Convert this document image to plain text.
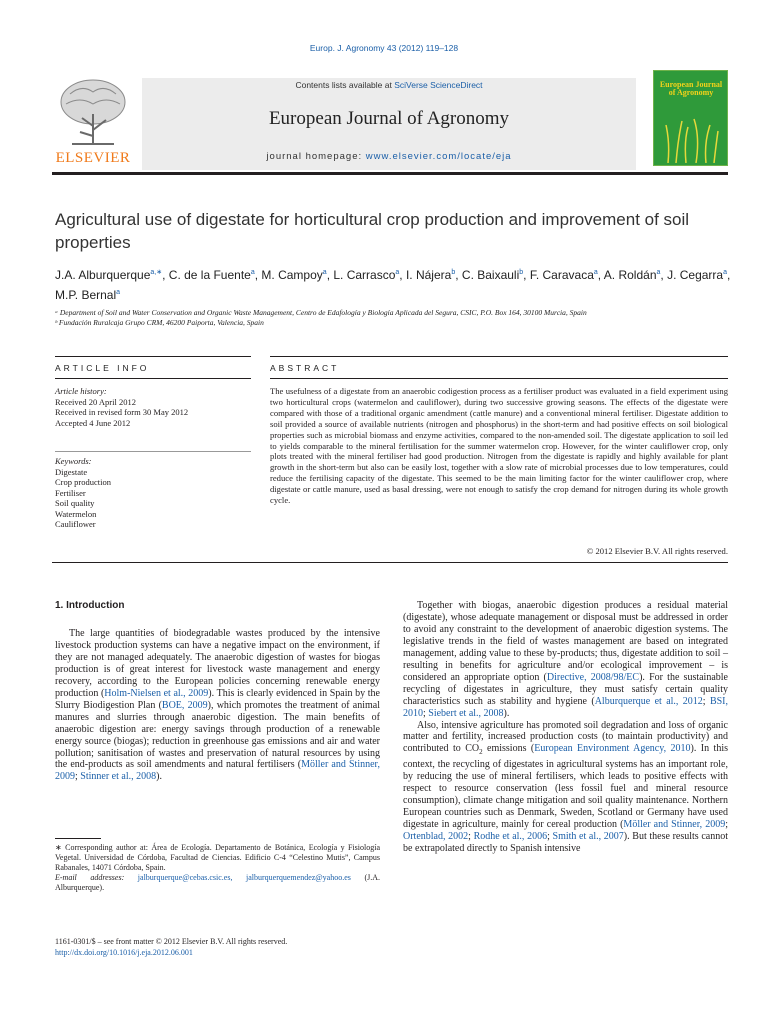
Europ. J. Agronomy 43 (2012) 119–128
ELSEVIER
Contents lists available at SciVerse ScienceDirect
European Journal of Agronomy
journal homepage: www.elsevier.com/locate/eja
European Journal of Agronomy
Agricultural use of digestate for horticultural crop production and improvement of soil properties
J.A. Alburquerque$^{a,∗}$, C. de la Fuente$^a$, M. Campoy$^a$, L. Carrasco$^a$, I. Nájera$^b$, C. Baixauli$^b$, F. Caravaca$^a$, A. Roldán$^a$, J. Cegarra$^a$, M.P. Bernal$^a$
ᵃ Department of Soil and Water Conservation and Organic Waste Management, Centro de Edafología y Biología Aplicada del Segura, CSIC, P.O. Box 164, 30100 Murcia, Spain
ᵇ Fundación Ruralcaja Grupo CRM, 46200 Paiporta, Valencia, Spain
ARTICLE INFO	ABSTRACT
Article history:
Received 20 April 2012
Received in revised form 30 May 2012
Accepted 4 June 2012
Keywords:
Digestate
Crop production
Fertiliser
Soil quality
Watermelon
Cauliflower
The usefulness of a digestate from an anaerobic codigestion process as a fertiliser product was evaluated in a field experiment using two horticultural crops (watermelon and cauliflower), during two successive growing seasons. The effects of the digestate were compared with those of a traditional organic amendment (cattle manure) and a conventional mineral fertiliser. Digestate addition to soil provided a source of available nutrients (nitrogen and phosphorus) in the short-term and had positive effects on soil biological properties such as microbial biomass and enzyme activities, compared to the non-amended soil. The digestate application to soil led to yields comparable to the mineral fertilisation for the summer watermelon crop. However, for the winter cauliflower crop, only plots treated with the mineral fertiliser had good production. Nitrogen from the digestate is rapidly and highly available for plant growth in the short-term but also can be easily lost, together with a slow rate of microbial processes due to low temperatures, could reduce the fertilising capacity of the digestate. This seemed to be the main limiting factor for the winter cauliflower crop, where digestate or cattle manure, used as basal dressing, were not enough to satisfy the crop demand for nitrogen during its whole growth cycle.
© 2012 Elsevier B.V. All rights reserved.
1. Introduction
The large quantities of biodegradable wastes produced by the intensive livestock production systems can have a negative impact on the environment, if they are not managed adequately. The anaerobic digestion of wastes for biogas production is of great interest for livestock waste management and energy recovery, according to the European policies concerning renewable energy production (Holm-Nielsen et al., 2009). This is clearly evidenced in Spain by the Slurry Biodigestion Plan (BOE, 2009), which promotes the treatment of animal manures and slurries through anaerobic digestion. The main benefits of anaerobic digestion are: energy savings through production of a renewable energy source (biogas); reduction in greenhouse gas emissions and air and water pollution; sanitisation of wastes and preservation of natural resources by using the end-products as soil amendments and natural fertilisers (Möller and Stinner, 2009; Stinner et al., 2008).

Together with biogas, anaerobic digestion produces a residual material (digestate), whose adequate management or disposal must be addressed in order to avoid any constraint to the development of anaerobic digestion systems. The legislative trends in the field of wastes management are based on integrated management, adding value to these by-products; thus, digestate addition to soil – resulting in benefits for agriculture and/or ecological improvement – is considered an appropriate option (Directive, 2008/98/EC). For the sustainable recycling of digestates in agriculture, they must satisfy certain quality characteristics such as stability and hygiene (Alburquerque et al., 2012; BSI, 2010; Siebert et al., 2008).

Also, intensive agriculture has promoted soil degradation and loss of organic matter and fertility, increased production costs (to maintain productivity) and contributed to $CO_2$ emissions (European Environment Agency, 2010). In this context, the recycling of digestates in agricultural systems has an important role, by reducing the use of mineral fertilisers, which leads to positive effects with respect to resource conservation (less fossil fuel and mineral resource consumption), climate change mitigation and soil quality maintenance. Northern European countries such as Denmark, Sweden, Scotland or Germany have used digestate in agriculture, mainly for cereal production (Möller and Stinner, 2009; Ortenblad, 2002; Rodhe et al., 2006; Smith et al., 2007). But these results cannot be extrapolated directly to Spanish intensive

∗ Corresponding author at: Área de Ecología. Departamento de Botánica, Ecología y Fisiología Vegetal. Universidad de Córdoba, Facultad de Ciencias. Edificio C-4 “Celestino Mutis”, Campus Rabanales, 14071 Córdoba, Spain.
E-mail addresses: jalburquerque@cebas.csic.es, jalburquerquemendez@yahoo.es (J.A. Alburquerque).
1161-0301/$ – see front matter © 2012 Elsevier B.V. All rights reserved.
http://dx.doi.org/10.1016/j.eja.2012.06.001
